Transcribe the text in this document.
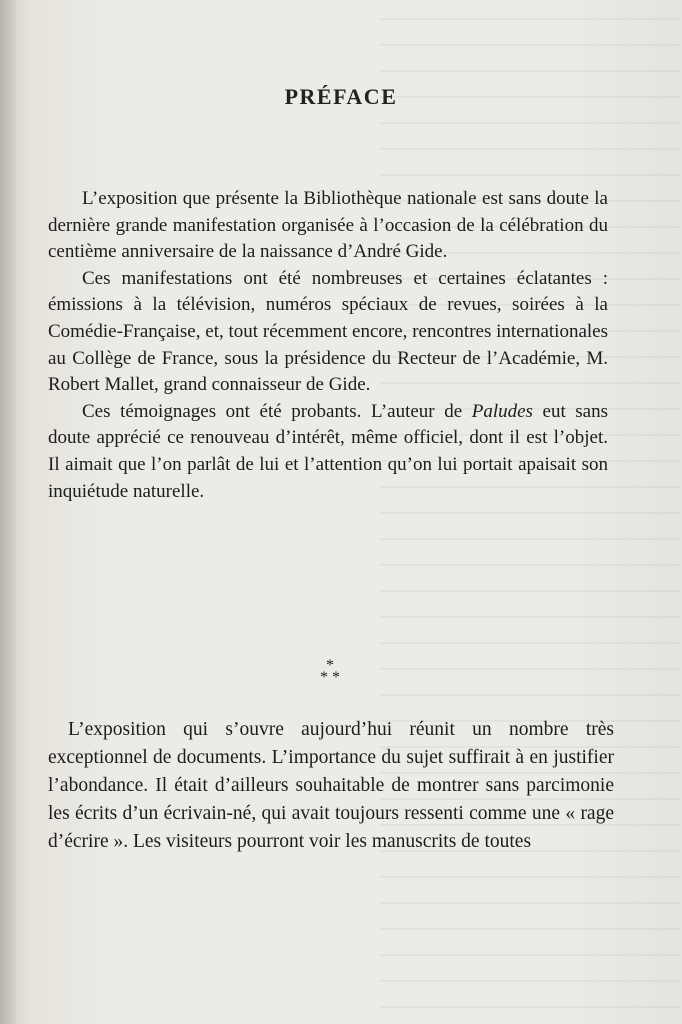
PRÉFACE

L’exposition que présente la Bibliothèque nationale est sans doute la dernière grande manifestation organisée à l’occasion de la célébration du centième anniversaire de la naissance d’André Gide.

Ces manifestations ont été nombreuses et certaines éclatantes : émissions à la télévision, numéros spéciaux de revues, soirées à la Comédie-Française, et, tout récemment encore, rencontres internationales au Collège de France, sous la présidence du Recteur de l’Académie, M. Robert Mallet, grand connaisseur de Gide.

Ces témoignages ont été probants. L’auteur de Paludes eut sans doute apprécié ce renouveau d’intérêt, même officiel, dont il est l’objet. Il aimait que l’on parlât de lui et l’attention qu’on lui portait apaisait son inquiétude naturelle.

*
* *

L’exposition qui s’ouvre aujourd’hui réunit un nombre très exceptionnel de documents. L’importance du sujet suffirait à en justifier l’abondance. Il était d’ailleurs souhaitable de montrer sans parcimonie les écrits d’un écrivain-né, qui avait toujours ressenti comme une « rage d’écrire ». Les visiteurs pourront voir les manuscrits de toutes
